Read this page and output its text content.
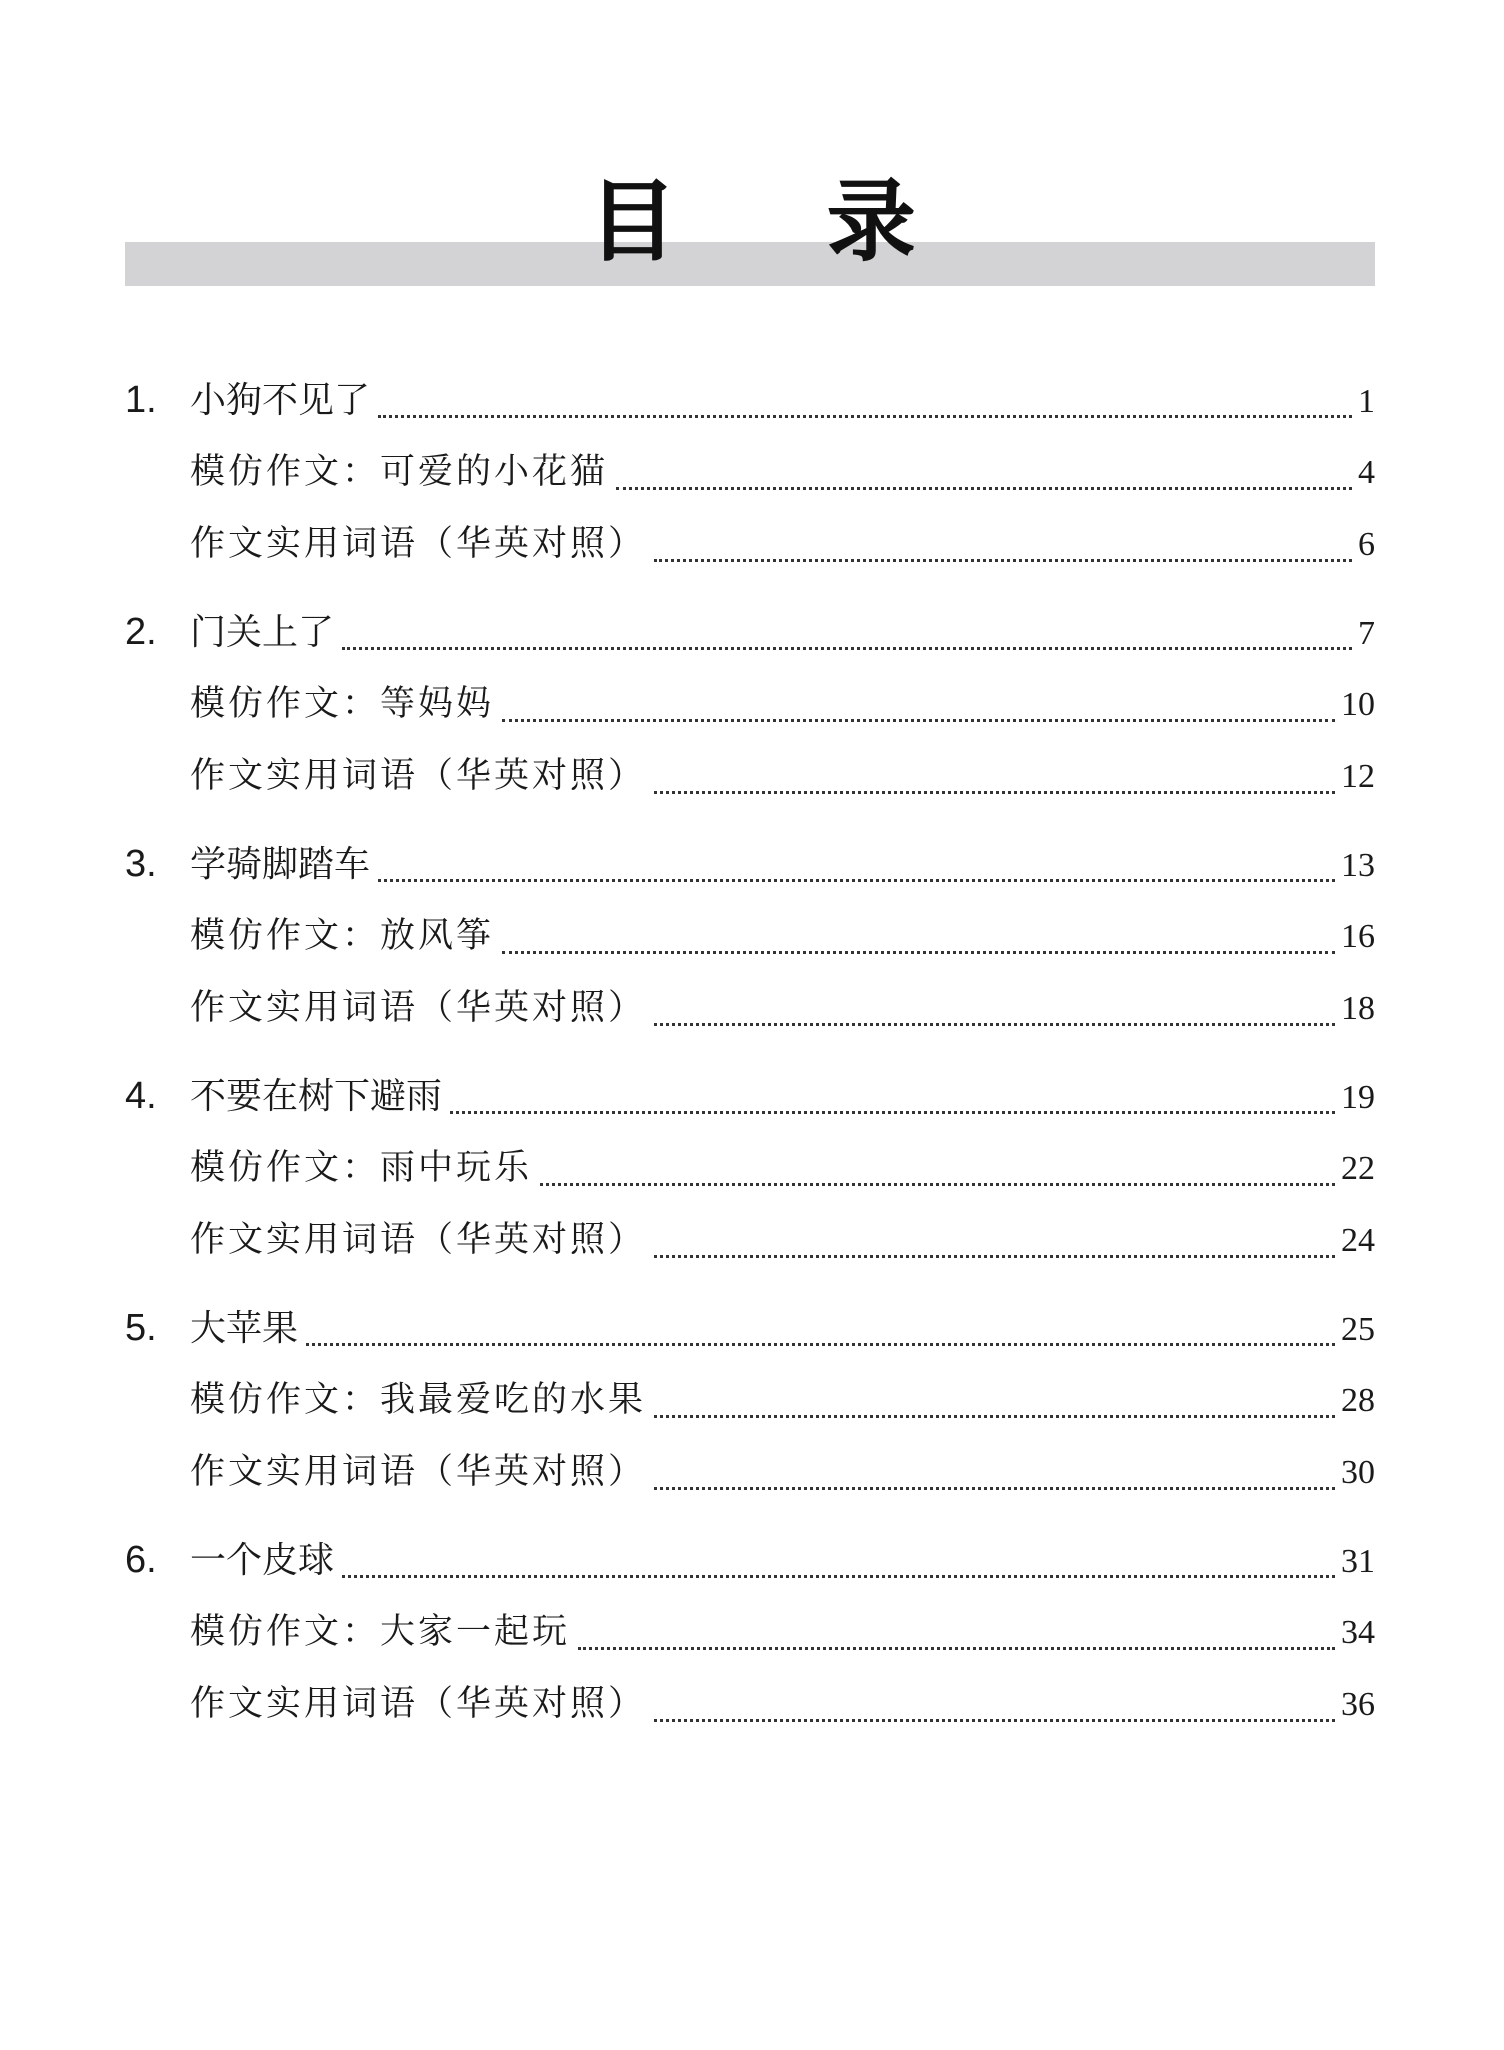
目 录
1. 小狗不见了	1
模仿作文：可爱的小花猫	4
作文实用词语（华英对照）	6
2. 门关上了	7
模仿作文：等妈妈	10
作文实用词语（华英对照）	12
3. 学骑脚踏车	13
模仿作文：放风筝	16
作文实用词语（华英对照）	18
4. 不要在树下避雨	19
模仿作文：雨中玩乐	22
作文实用词语（华英对照）	24
5. 大苹果	25
模仿作文：我最爱吃的水果	28
作文实用词语（华英对照）	30
6. 一个皮球	31
模仿作文：大家一起玩	34
作文实用词语（华英对照）	36
